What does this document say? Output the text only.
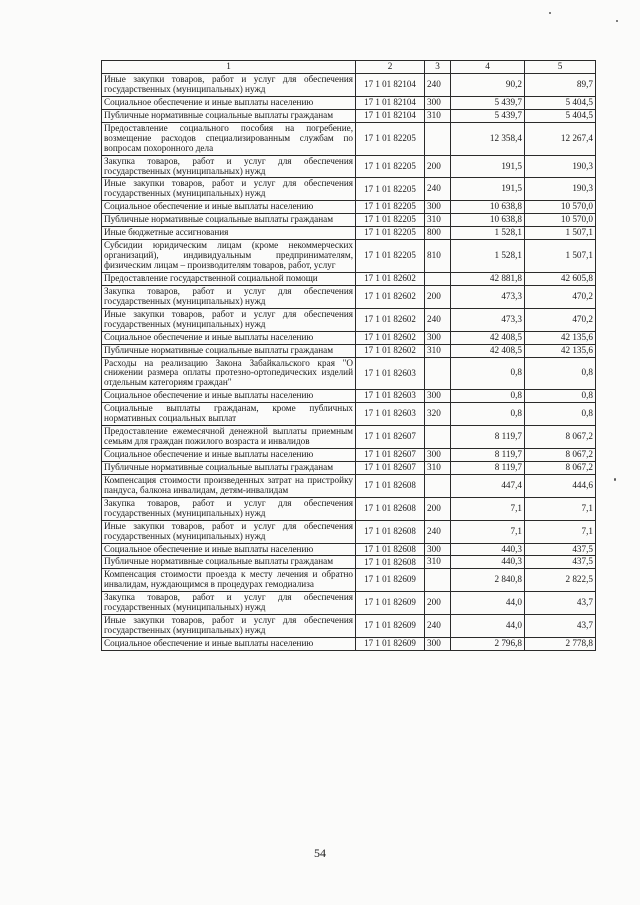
1	2	3	4	5
Иные закупки товаров, работ и услуг для обеспечения государственных (муниципальных) нужд	17 1 01 82104	240	90,2	89,7
Социальное обеспечение и иные выплаты населению	17 1 01 82104	300	5 439,7	5 404,5
Публичные нормативные социальные выплаты гражданам	17 1 01 82104	310	5 439,7	5 404,5
Предоставление социального пособия на погребение, возмещение расходов специализированным службам по вопросам похоронного дела	17 1 01 82205		12 358,4	12 267,4
Закупка товаров, работ и услуг для обеспечения государственных (муниципальных) нужд	17 1 01 82205	200	191,5	190,3
Иные закупки товаров, работ и услуг для обеспечения государственных (муниципальных) нужд	17 1 01 82205	240	191,5	190,3
Социальное обеспечение и иные выплаты населению	17 1 01 82205	300	10 638,8	10 570,0
Публичные нормативные социальные выплаты гражданам	17 1 01 82205	310	10 638,8	10 570,0
Иные бюджетные ассигнования	17 1 01 82205	800	1 528,1	1 507,1
Субсидии юридическим лицам (кроме некоммерческих организаций), индивидуальным предпринимателям, физическим лицам – производителям товаров, работ, услуг	17 1 01 82205	810	1 528,1	1 507,1
Предоставление государственной социальной помощи	17 1 01 82602		42 881,8	42 605,8
Закупка товаров, работ и услуг для обеспечения государственных (муниципальных) нужд	17 1 01 82602	200	473,3	470,2
Иные закупки товаров, работ и услуг для обеспечения государственных (муниципальных) нужд	17 1 01 82602	240	473,3	470,2
Социальное обеспечение и иные выплаты населению	17 1 01 82602	300	42 408,5	42 135,6
Публичные нормативные социальные выплаты гражданам	17 1 01 82602	310	42 408,5	42 135,6
Расходы на реализацию Закона Забайкальского края "О снижении размера оплаты протезно-ортопедических изделий отдельным категориям граждан"	17 1 01 82603		0,8	0,8
Социальное обеспечение и иные выплаты населению	17 1 01 82603	300	0,8	0,8
Социальные выплаты гражданам, кроме публичных нормативных социальных выплат	17 1 01 82603	320	0,8	0,8
Предоставление ежемесячной денежной выплаты приемным семьям для граждан пожилого возраста и инвалидов	17 1 01 82607		8 119,7	8 067,2
Социальное обеспечение и иные выплаты населению	17 1 01 82607	300	8 119,7	8 067,2
Публичные нормативные социальные выплаты гражданам	17 1 01 82607	310	8 119,7	8 067,2
Компенсация стоимости произведенных затрат на пристройку пандуса, балкона инвалидам, детям-инвалидам	17 1 01 82608		447,4	444,6
Закупка товаров, работ и услуг для обеспечения государственных (муниципальных) нужд	17 1 01 82608	200	7,1	7,1
Иные закупки товаров, работ и услуг для обеспечения государственных (муниципальных) нужд	17 1 01 82608	240	7,1	7,1
Социальное обеспечение и иные выплаты населению	17 1 01 82608	300	440,3	437,5
Публичные нормативные социальные выплаты гражданам	17 1 01 82608	310	440,3	437,5
Компенсация стоимости проезда к месту лечения и обратно инвалидам, нуждающимся в процедурах гемодиализа	17 1 01 82609		2 840,8	2 822,5
Закупка товаров, работ и услуг для обеспечения государственных (муниципальных) нужд	17 1 01 82609	200	44,0	43,7
Иные закупки товаров, работ и услуг для обеспечения государственных (муниципальных) нужд	17 1 01 82609	240	44,0	43,7
Социальное обеспечение и иные выплаты населению	17 1 01 82609	300	2 796,8	2 778,8
54
